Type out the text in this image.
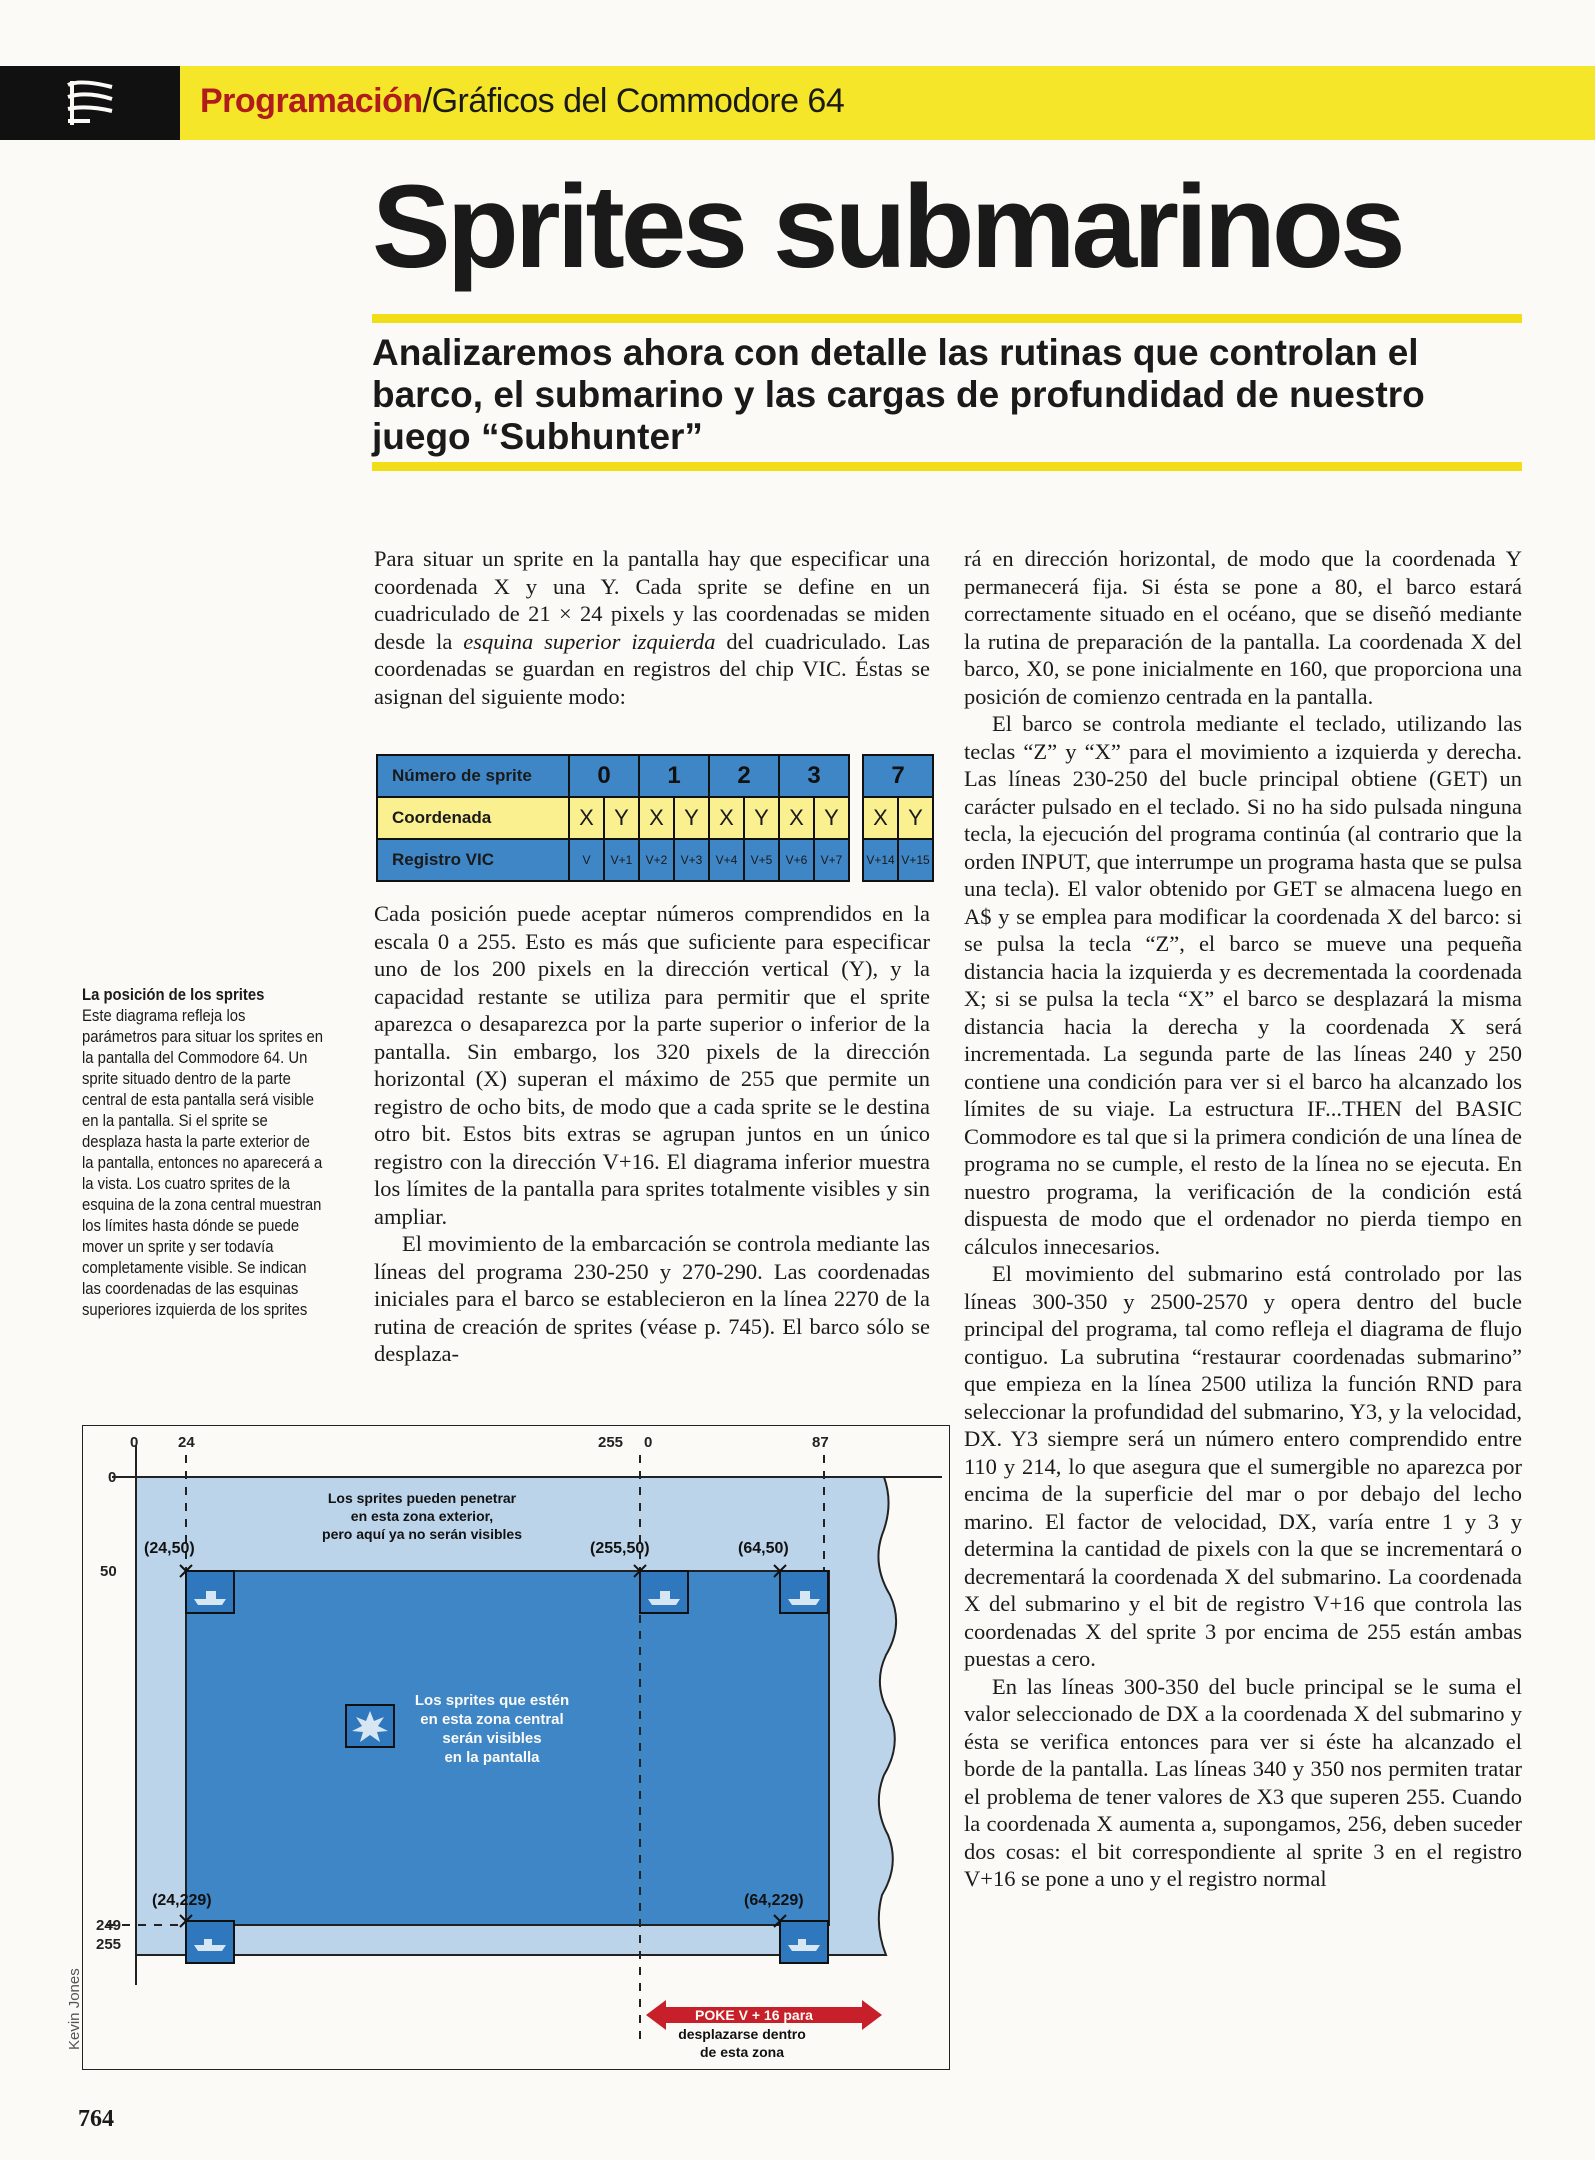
Programación/Gráficos del Commodore 64
Sprites submarinos
Analizaremos ahora con detalle las rutinas que controlan el barco, el submarino y las cargas de profundidad de nuestro juego “Subhunter”
La posición de los sprites
Este diagrama refleja los parámetros para situar los sprites en la pantalla del Commodore 64. Un sprite situado dentro de la parte central de esta pantalla será visible en la pantalla. Si el sprite se desplaza hasta la parte exterior de la pantalla, entonces no aparecerá a la vista. Los cuatro sprites de la esquina de la zona central muestran los límites hasta dónde se puede mover un sprite y ser todavía completamente visible. Se indican las coordenadas de las esquinas superiores izquierda de los sprites

Para situar un sprite en la pantalla hay que especificar una coordenada X y una Y. Cada sprite se define en un cuadriculado de 21 × 24 pixels y las coordenadas se miden desde la esquina superior izquierda del cuadriculado. Las coordenadas se guardan en registros del chip VIC. Éstas se asignan del siguiente modo:

Número de sprite	0		1		2		3			7	
Coordenada	X	Y	X	Y	X	Y	X	Y		X	Y
Registro VIC	V	V+1	V+2	V+3	V+4	V+5	V+6	V+7		V+14	V+15

Cada posición puede aceptar números comprendidos en la escala 0 a 255. Esto es más que suficiente para especificar uno de los 200 pixels en la dirección vertical (Y), y la capacidad restante se utiliza para permitir que el sprite aparezca o desaparezca por la parte superior o inferior de la pantalla. Sin embargo, los 320 pixels de la dirección horizontal (X) superan el máximo de 255 que permite un registro de ocho bits, de modo que a cada sprite se le destina otro bit. Estos bits extras se agrupan juntos en un único registro con la dirección V+16. El diagrama inferior muestra los límites de la pantalla para sprites totalmente visibles y sin ampliar.

El movimiento de la embarcación se controla mediante las líneas del programa 230-250 y 270-290. Las coordenadas iniciales para el barco se establecieron en la línea 2270 de la rutina de creación de sprites (véase p. 745). El barco sólo se desplaza-

rá en dirección horizontal, de modo que la coordenada Y permanecerá fija. Si ésta se pone a 80, el barco estará correctamente situado en el océano, que se diseñó mediante la rutina de preparación de la pantalla. La coordenada X del barco, X0, se pone inicialmente en 160, que proporciona una posición de comienzo centrada en la pantalla.

El barco se controla mediante el teclado, utilizando las teclas “Z” y “X” para el movimiento a izquierda y derecha. Las líneas 230-250 del bucle principal obtiene (GET) un carácter pulsado en el teclado. Si no ha sido pulsada ninguna tecla, la ejecución del programa continúa (al contrario que la orden INPUT, que interrumpe un programa hasta que se pulsa una tecla). El valor obtenido por GET se almacena luego en A$ y se emplea para modificar la coordenada X del barco: si se pulsa la tecla “Z”, el barco se mueve una pequeña distancia hacia la izquierda y es decrementada la coordenada X; si se pulsa la tecla “X” el barco se desplazará la misma distancia hacia la derecha y la coordenada X será incrementada. La segunda parte de las líneas 240 y 250 contiene una condición para ver si el barco ha alcanzado los límites de su viaje. La estructura IF...THEN del BASIC Commodore es tal que si la primera condición de una línea de programa no se cumple, el resto de la línea no se ejecuta. En nuestro programa, la verificación de la condición está dispuesta de modo que el ordenador no pierda tiempo en cálculos innecesarios.

El movimiento del submarino está controlado por las líneas 300-350 y 2500-2570 y opera dentro del bucle principal del programa, tal como refleja el diagrama de flujo contiguo. La subrutina “restaurar coordenadas submarino” que empieza en la línea 2500 utiliza la función RND para seleccionar la profundidad del submarino, Y3, y la velocidad, DX. Y3 siempre será un número entero comprendido entre 110 y 214, lo que asegura que el sumergible no aparezca por encima de la superficie del mar o por debajo del lecho marino. El factor de velocidad, DX, varía entre 1 y 3 y determina la cantidad de pixels con la que se incrementará o decrementará la coordenada X del submarino. La coordenada X del submarino y el bit de registro V+16 que controla las coordenadas X del sprite 3 por encima de 255 están ambas puestas a cero.

En las líneas 300-350 del bucle principal se le suma el valor seleccionado de DX a la coordenada X del submarino y ésta se verifica entonces para ver si éste ha alcanzado el borde de la pantalla. Las líneas 340 y 350 nos permiten tratar el problema de tener valores de X3 que superen 255. Cuando la coordenada X aumenta a, supongamos, 256, deben suceder dos cosas: el bit correspondiente al sprite 3 en el registro V+16 se pone a uno y el registro normal

0	24	255 0	87
0
50
249
255
Los sprites pueden penetrar
en esta zona exterior,
pero aquí ya no serán visibles
Los sprites que estén
en esta zona central
serán visibles
en la pantalla
(24,50)	(255,50)	(64,50)
(24,229)	(64,229)
POKE V + 16 para
desplazarse dentro
de esta zona
Kevin Jones
764
